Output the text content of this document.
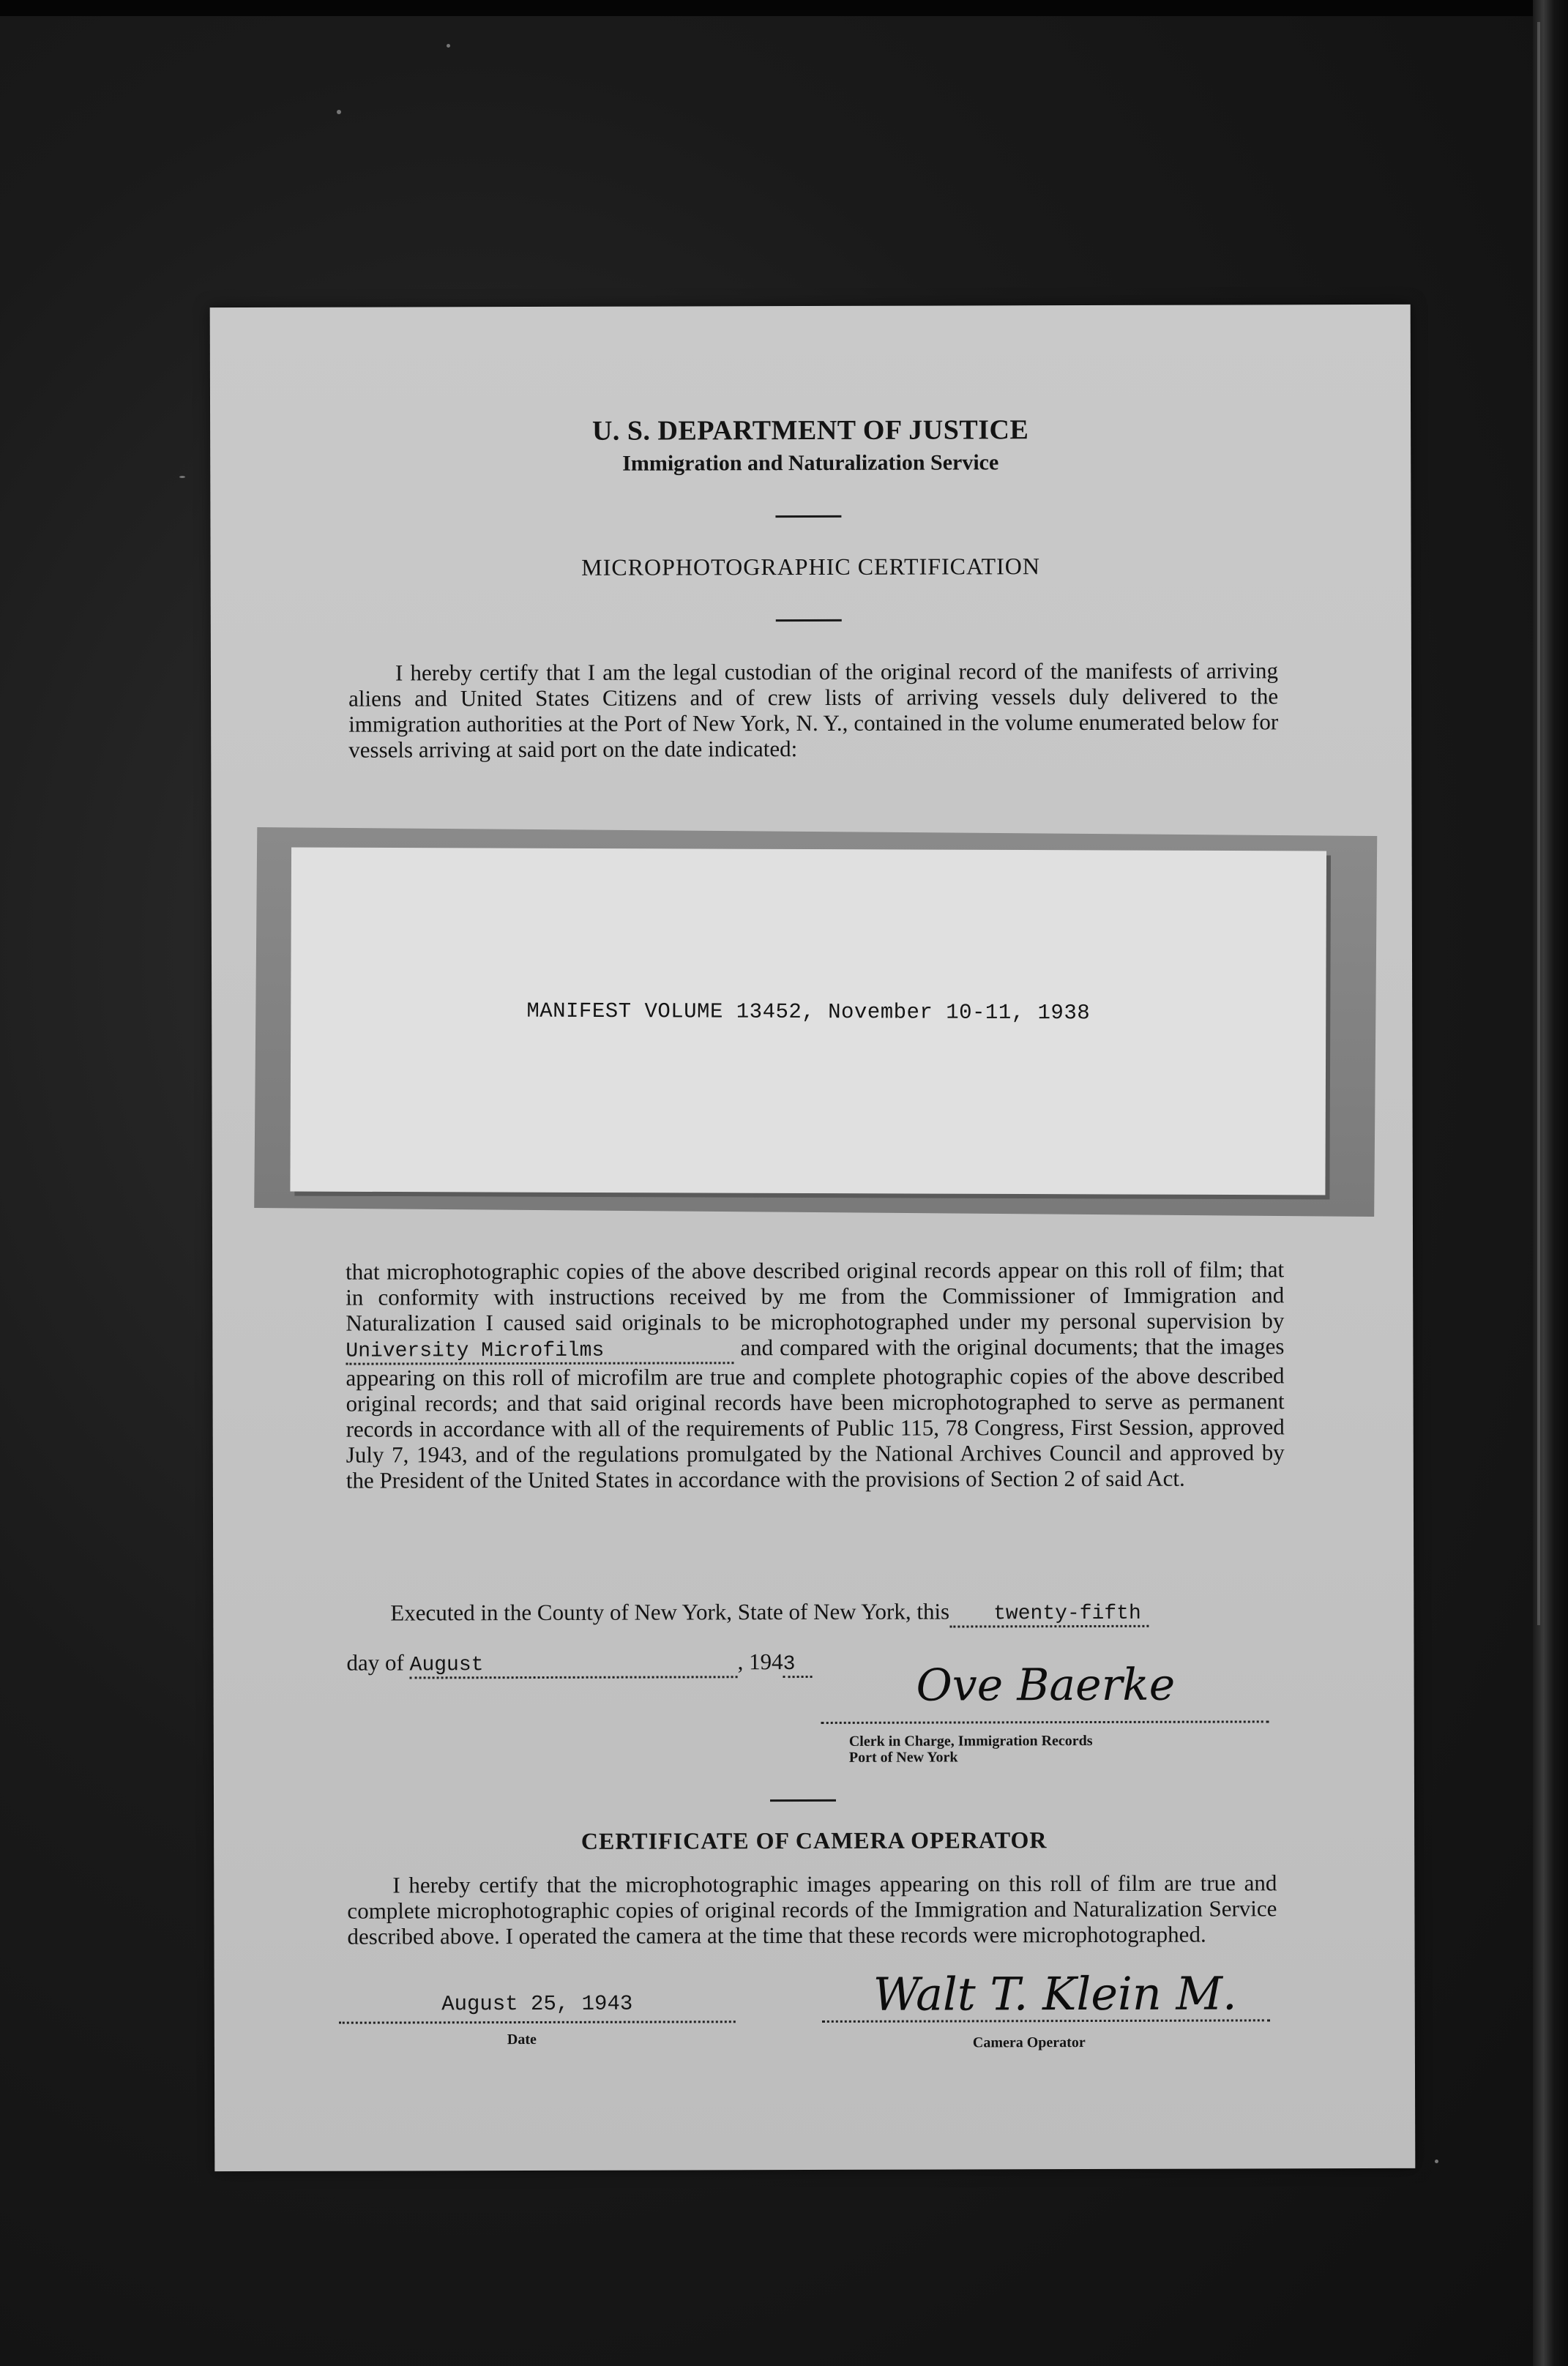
U. S. DEPARTMENT OF JUSTICE
Immigration and Naturalization Service
MICROPHOTOGRAPHIC CERTIFICATION
I hereby certify that I am the legal custodian of the original record of the manifests of arriving aliens and United States Citizens and of crew lists of arriving vessels duly delivered to the immigration authorities at the Port of New York, N. Y., contained in the volume enumerated below for vessels arriving at said port on the date indicated:
MANIFEST VOLUME 13452, November 10-11, 1938
that microphotographic copies of the above described original records appear on this roll of film; that in conformity with instructions received by me from the Commissioner of Immigration and Naturalization I caused said originals to be microphotographed under my personal supervision by University Microfilms	and compared with the original documents; that the images appearing on this roll of microfilm are true and complete photographic copies of the above described original records; and that said original records have been microphotographed to serve as permanent records in accordance with all of the requirements of Public 115, 78 Congress, First Session, approved July 7, 1943, and of the regulations promulgated by the National Archives Council and approved by the President of the United States in accordance with the provisions of Section 2 of said Act.
Executed in the County of New York, State of New York, this twenty-fifth
day of August	, 1943	Ove Baerke
Clerk in Charge, Immigration Records
Port of New York
CERTIFICATE OF CAMERA OPERATOR
I hereby certify that the microphotographic images appearing on this roll of film are true and complete microphotographic copies of original records of the Immigration and Naturalization Service described above. I operated the camera at the time that these records were microphotographed.
August 25, 1943
Date
Walt T. Klein M.
Camera Operator
